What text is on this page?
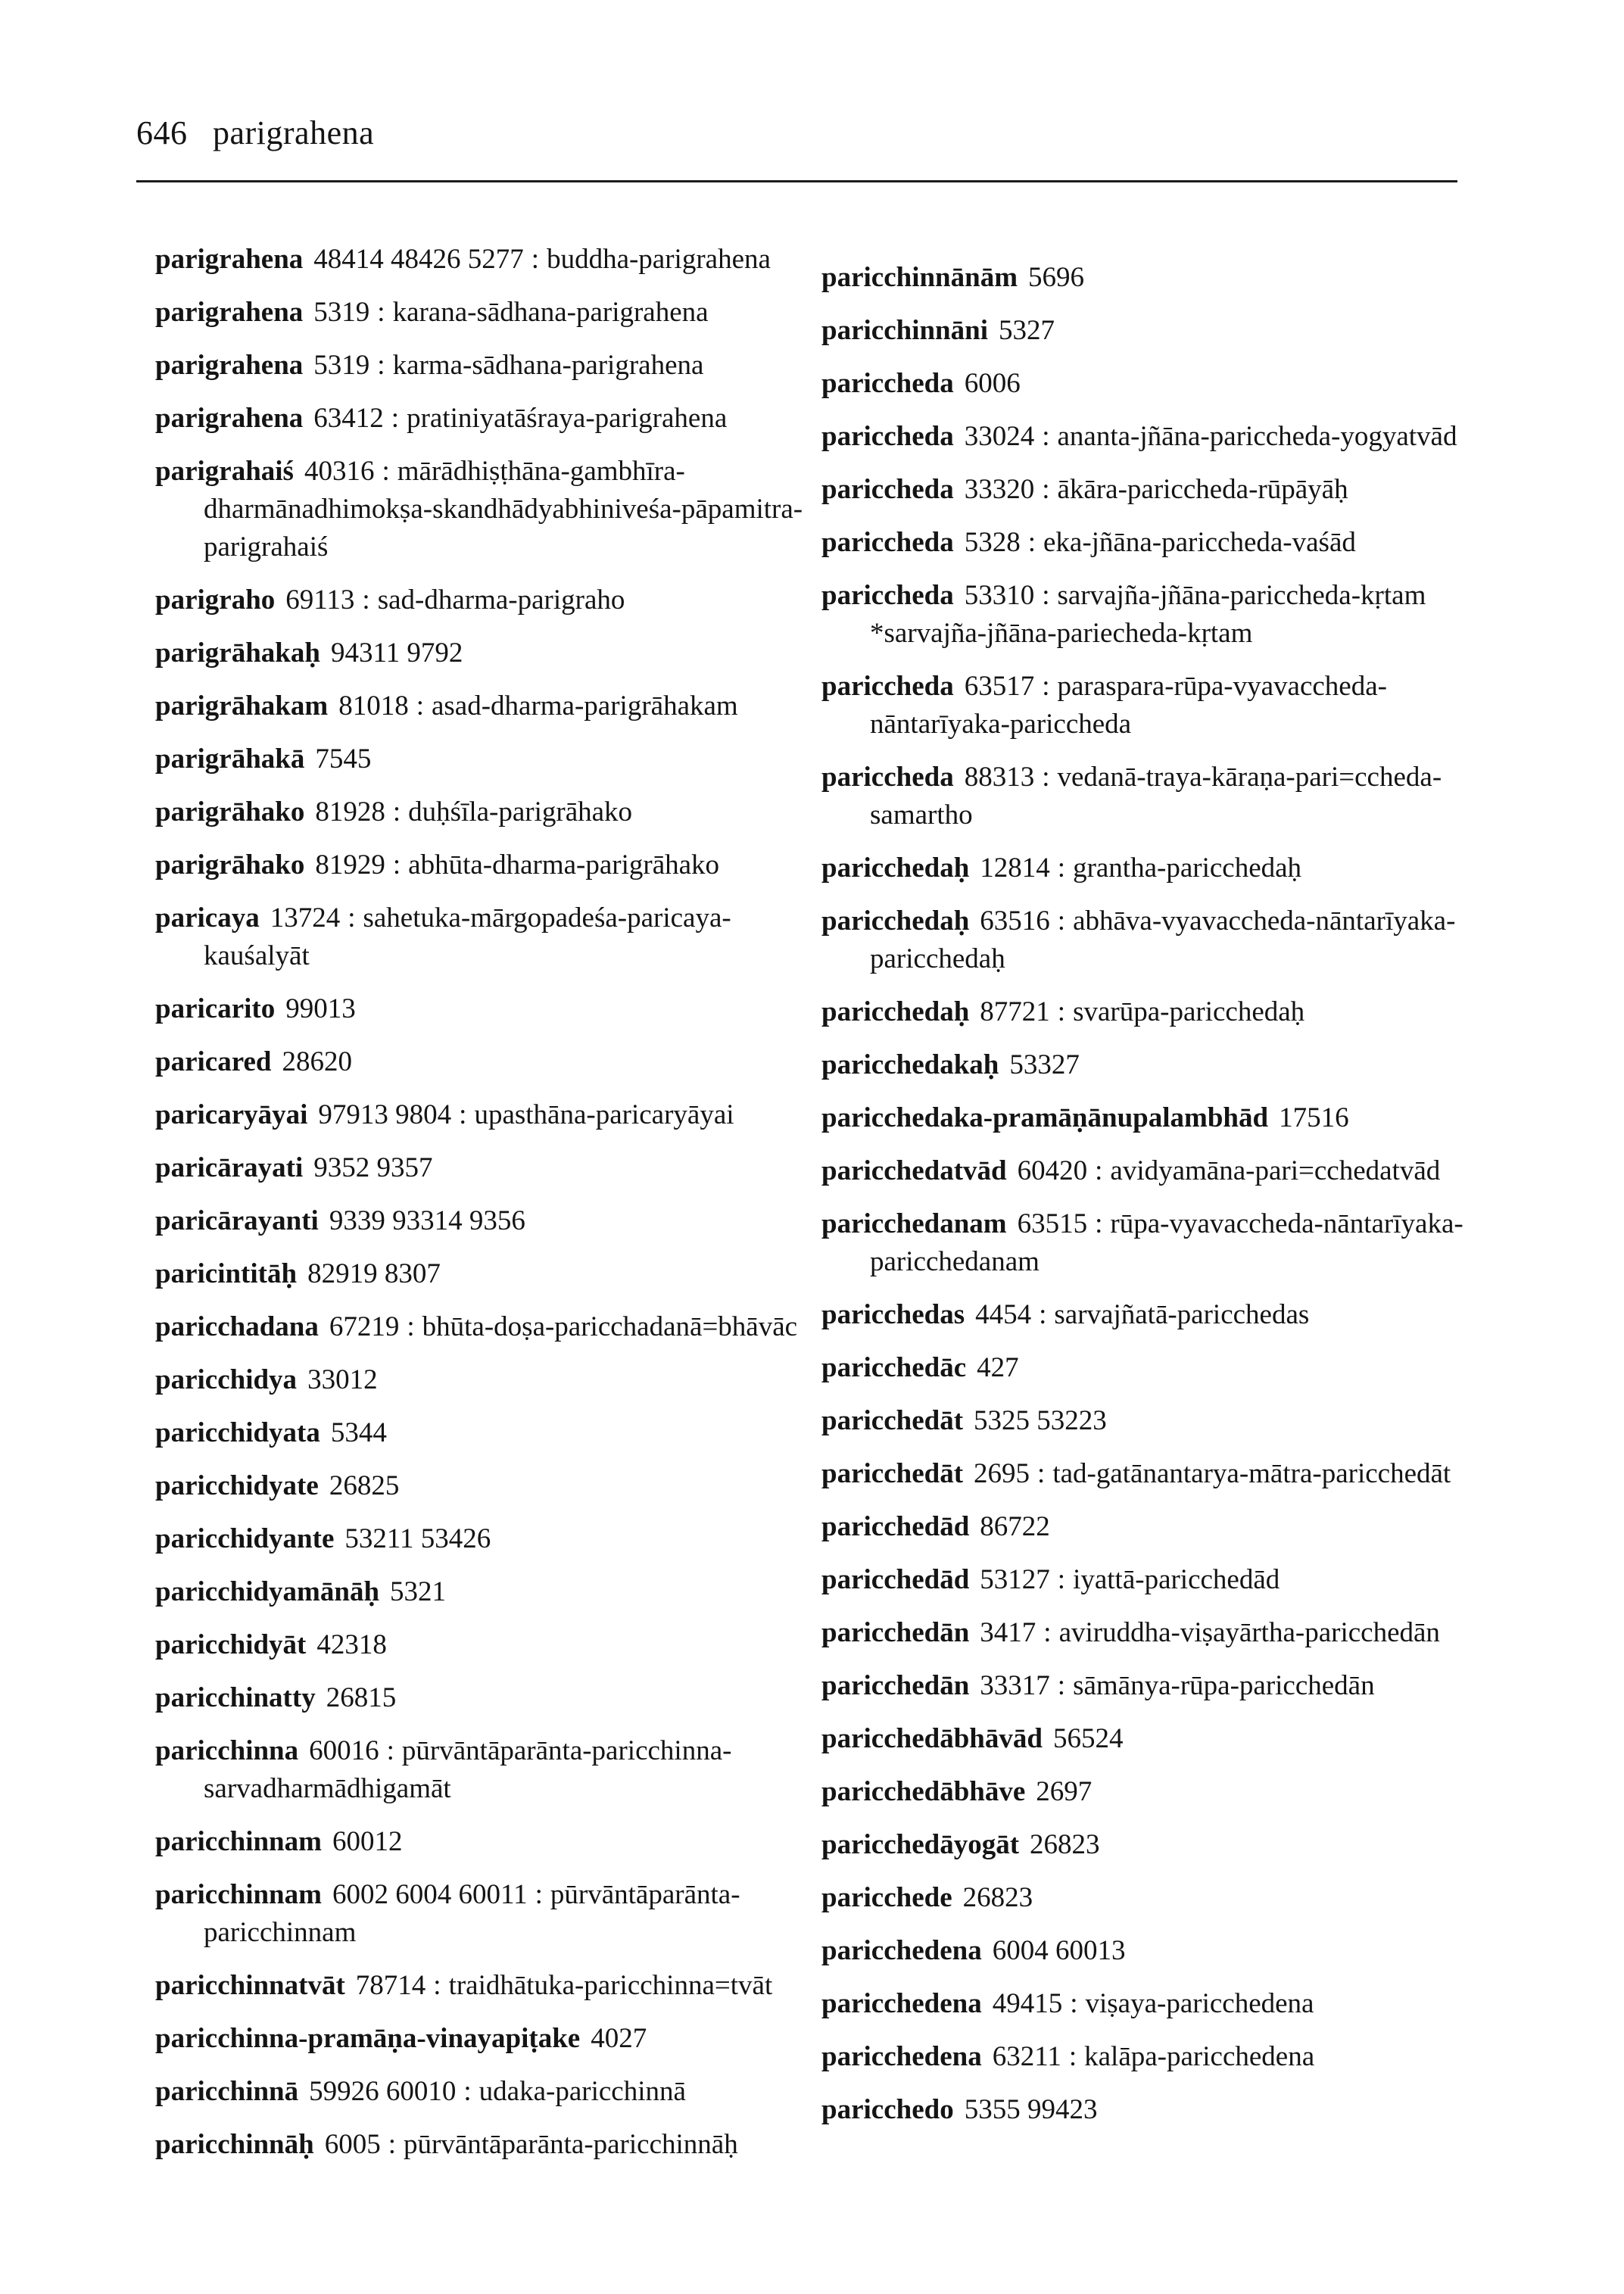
646 parigrahena
parigrahena 48414 48426 5277 : buddha-parigrahena
parigrahena 5319 : karana-sādhana-parigrahena
parigrahena 5319 : karma-sādhana-parigrahena
parigrahena 63412 : pratiniyatāśraya-parigrahena
parigrahaiś 40316 : mārādhiṣṭhāna-gambhīra-dharmānadhimokṣa-skandhādyabhiniveśa-pāpamitra-parigrahaiś
parigraho 69113 : sad-dharma-parigraho
parigrāhakaḥ 94311 9792
parigrāhakam 81018 : asad-dharma-parigrāhakam
parigrāhakā 7545
parigrāhako 81928 : duḥśīla-parigrāhako
parigrāhako 81929 : abhūta-dharma-parigrāhako
paricaya 13724 : sahetuka-mārgopadeśa-paricaya-kauśalyāt
paricarito 99013
paricared 28620
paricaryāyai 97913 9804 : upasthāna-paricaryāyai
paricārayati 9352 9357
paricārayanti 9339 93314 9356
paricintitāḥ 82919 8307
paricchadana 67219 : bhūta-doṣa-paricchadanā=bhāvāc
paricchidya 33012
paricchidyata 5344
paricchidyate 26825
paricchidyante 53211 53426
paricchidyamānāḥ 5321
paricchidyāt 42318
paricchinatty 26815
paricchinna 60016 : pūrvāntāparānta-paricchinna-sarvadharmādhigamāt
paricchinnam 60012
paricchinnam 6002 6004 60011 : pūrvāntāparānta-paricchinnam
paricchinnatvāt 78714 : traidhātuka-paricchinna=tvāt
paricchinna-pramāṇa-vinayapiṭake 4027
paricchinnā 59926 60010 : udaka-paricchinnā
paricchinnāḥ 6005 : pūrvāntāparānta-paricchinnāḥ
paricchinnānām 5696
paricchinnāni 5327
pariccheda 6006
pariccheda 33024 : ananta-jñāna-pariccheda-yogyatvād
pariccheda 33320 : ākāra-pariccheda-rūpāyāḥ
pariccheda 5328 : eka-jñāna-pariccheda-vaśād
pariccheda 53310 : sarvajña-jñāna-pariccheda-kṛtam *sarvajña-jñāna-pariecheda-kṛtam
pariccheda 63517 : paraspara-rūpa-vyavaccheda-nāntarīyaka-pariccheda
pariccheda 88313 : vedanā-traya-kāraṇa-pari=ccheda-samartho
paricchedaḥ 12814 : grantha-paricchedaḥ
paricchedaḥ 63516 : abhāva-vyavaccheda-nāntarīyaka-paricchedaḥ
paricchedaḥ 87721 : svarūpa-paricchedaḥ
paricchedakaḥ 53327
paricchedaka-pramāṇānupalambhād 17516
paricchedatvād 60420 : avidyamāna-pari=cchedatvād
paricchedanam 63515 : rūpa-vyavaccheda-nāntarīyaka-paricchedanam
paricchedas 4454 : sarvajñatā-paricchedas
paricchedāc 427
paricchedāt 5325 53223
paricchedāt 2695 : tad-gatānantarya-mātra-paricchedāt
paricchedād 86722
paricchedād 53127 : iyattā-paricchedād
paricchedān 3417 : aviruddha-viṣayārtha-paricchedān
paricchedān 33317 : sāmānya-rūpa-paricchedān
paricchedābhāvād 56524
paricchedābhāve 2697
paricchedāyogāt 26823
paricchede 26823
paricchedena 6004 60013
paricchedena 49415 : viṣaya-paricchedena
paricchedena 63211 : kalāpa-paricchedena
paricchedo 5355 99423
